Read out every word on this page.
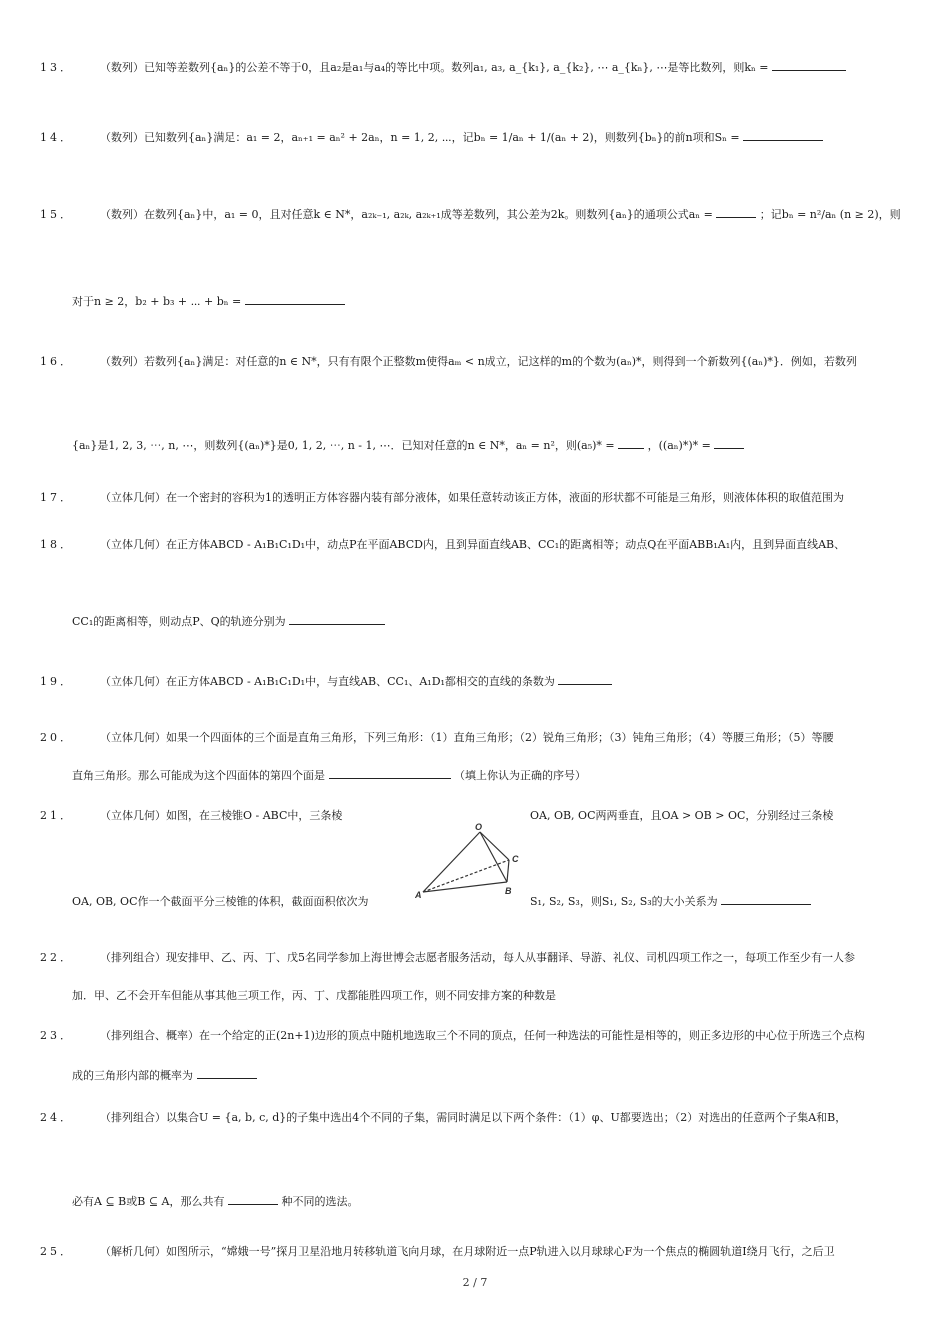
13．	（数列）已知等差数列{aₙ}的公差不等于0，且a₂是a₁与a₄的等比中项。数列a₁, a₃, a_{k₁}, a_{k₂}, ⋯ a_{kₙ}, ⋯是等比数列，则kₙ =
14．	（数列）已知数列{aₙ}满足：a₁ = 2，aₙ₊₁ = aₙ² + 2aₙ，n = 1, 2, ⋯，记bₙ = 1/aₙ + 1/(aₙ + 2)，则数列{bₙ}的前n项和Sₙ =
15．	（数列）在数列{aₙ}中，a₁ = 0，且对任意k ∈ N*，a₂ₖ₋₁, a₂ₖ, a₂ₖ₊₁成等差数列，其公差为2k。则数列{aₙ}的通项公式aₙ =	；记bₙ = n²/aₙ (n ≥ 2)，则
对于n ≥ 2，b₂ + b₃ + ⋯ + bₙ =
16．	（数列）若数列{aₙ}满足：对任意的n ∈ N*，只有有限个正整数m使得aₘ < n成立，记这样的m的个数为(aₙ)*，则得到一个新数列{(aₙ)*}．例如，若数列
{aₙ}是1, 2, 3, ⋯, n, ⋯，则数列{(aₙ)*}是0, 1, 2, ⋯, n - 1, ⋯．已知对任意的n ∈ N*，aₙ = n²，则(a₅)* =	，((aₙ)*)* =
17．	（立体几何）在一个密封的容积为1的透明正方体容器内装有部分液体，如果任意转动该正方体，液面的形状都不可能是三角形，则液体体积的取值范围为
18．	（立体几何）在正方体ABCD - A₁B₁C₁D₁中，动点P在平面ABCD内，且到异面直线AB、CC₁的距离相等；动点Q在平面ABB₁A₁内，且到异面直线AB、
CC₁的距离相等，则动点P、Q的轨迹分别为
19．	（立体几何）在正方体ABCD - A₁B₁C₁D₁中，与直线AB、CC₁、A₁D₁都相交的直线的条数为
20．	（立体几何）如果一个四面体的三个面是直角三角形，下列三角形：（1）直角三角形；（2）锐角三角形；（3）钝角三角形；（4）等腰三角形；（5）等腰
直角三角形。那么可能成为这个四面体的第四个面是	（填上你认为正确的序号）
21．	（立体几何）如图，在三棱锥O - ABC中，三条棱	OA, OB, OC两两垂直，且OA > OB > OC，分别经过三条棱
OA, OB, OC作一个截面平分三棱锥的体积，截面面积依次为	S₁, S₂, S₃，则S₁, S₂, S₃的大小关系为
O
A	B
C
22．	（排列组合）现安排甲、乙、丙、丁、戊5名同学参加上海世博会志愿者服务活动，每人从事翻译、导游、礼仪、司机四项工作之一，每项工作至少有一人参
加．甲、乙不会开车但能从事其他三项工作，丙、丁、戊都能胜四项工作，则不同安排方案的种数是
23．	（排列组合、概率）在一个给定的正(2n+1)边形的顶点中随机地选取三个不同的顶点，任何一种选法的可能性是相等的，则正多边形的中心位于所选三个点构
成的三角形内部的概率为
24．	（排列组合）以集合U = {a, b, c, d}的子集中选出4个不同的子集，需同时满足以下两个条件：（1）φ、U都要选出；（2）对选出的任意两个子集A和B，
必有A ⊆ B或B ⊆ A，那么共有	种不同的选法。
25．	（解析几何）如图所示，“嫦娥一号”探月卫星沿地月转移轨道飞向月球，在月球附近一点P轨进入以月球球心F为一个焦点的椭圆轨道Ⅰ绕月飞行，之后卫
2 / 7
